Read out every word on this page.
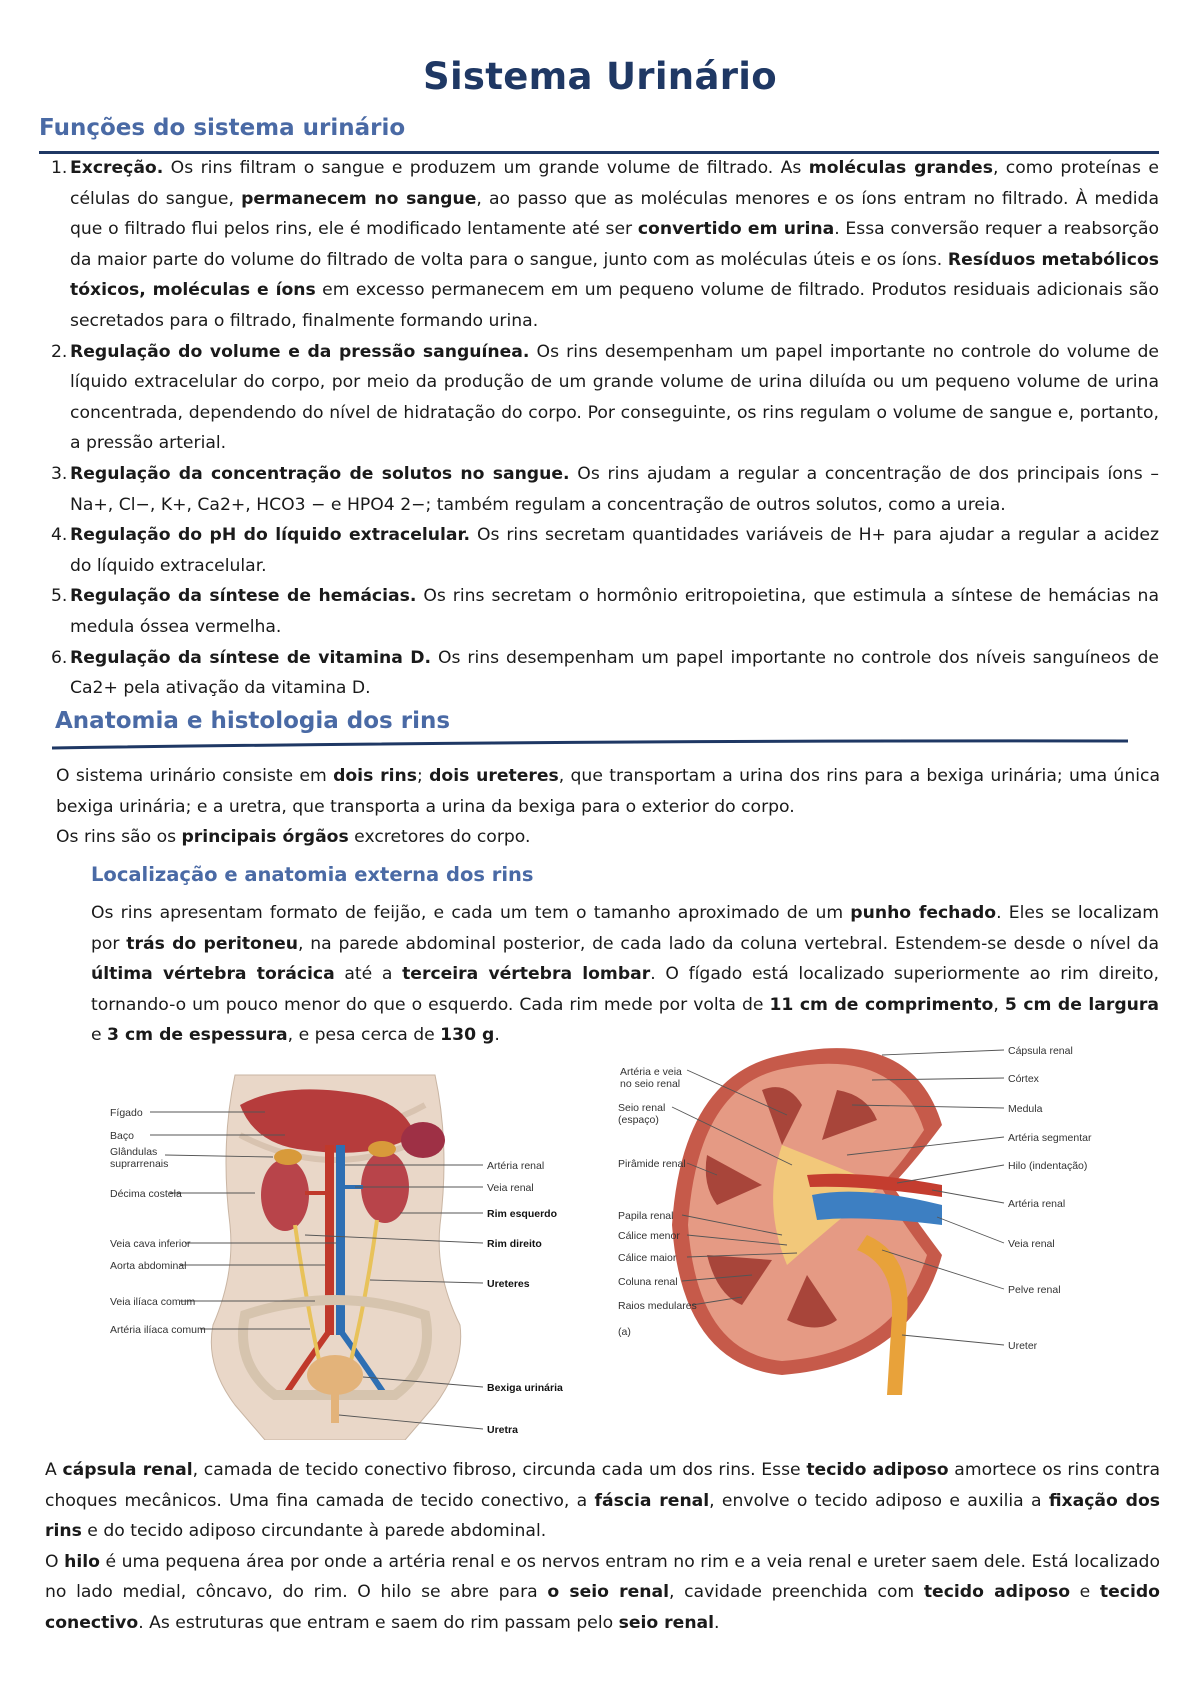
Sistema Urinário
Funções do sistema urinário
1. Excreção. Os rins filtram o sangue e produzem um grande volume de filtrado. As moléculas grandes, como proteínas e células do sangue, permanecem no sangue, ao passo que as moléculas menores e os íons entram no filtrado. À medida que o filtrado flui pelos rins, ele é modificado lentamente até ser convertido em urina. Essa conversão requer a reabsorção da maior parte do volume do filtrado de volta para o sangue, junto com as moléculas úteis e os íons. Resíduos metabólicos tóxicos, moléculas e íons em excesso permanecem em um pequeno volume de filtrado. Produtos residuais adicionais são secretados para o filtrado, finalmente formando urina.
2. Regulação do volume e da pressão sanguínea. Os rins desempenham um papel importante no controle do volume de líquido extracelular do corpo, por meio da produção de um grande volume de urina diluída ou um pequeno volume de urina concentrada, dependendo do nível de hidratação do corpo. Por conseguinte, os rins regulam o volume de sangue e, portanto, a pressão arterial.
3. Regulação da concentração de solutos no sangue. Os rins ajudam a regular a concentração de dos principais íons – Na+, Cl−, K+, Ca2+, HCO3 − e HPO4 2−; também regulam a concentração de outros solutos, como a ureia.
4. Regulação do pH do líquido extracelular. Os rins secretam quantidades variáveis de H+ para ajudar a regular a acidez do líquido extracelular.
5. Regulação da síntese de hemácias. Os rins secretam o hormônio eritropoietina, que estimula a síntese de hemácias na medula óssea vermelha.
6. Regulação da síntese de vitamina D. Os rins desempenham um papel importante no controle dos níveis sanguíneos de Ca2+ pela ativação da vitamina D.
Anatomia e histologia dos rins
O sistema urinário consiste em dois rins; dois ureteres, que transportam a urina dos rins para a bexiga urinária; uma única bexiga urinária; e a uretra, que transporta a urina da bexiga para o exterior do corpo.
Os rins são os principais órgãos excretores do corpo.
Localização e anatomia externa dos rins
Os rins apresentam formato de feijão, e cada um tem o tamanho aproximado de um punho fechado. Eles se localizam por trás do peritoneu, na parede abdominal posterior, de cada lado da coluna vertebral. Estendem-se desde o nível da última vértebra torácica até a terceira vértebra lombar. O fígado está localizado superiormente ao rim direito, tornando-o um pouco menor do que o esquerdo. Cada rim mede por volta de 11 cm de comprimento, 5 cm de largura e 3 cm de espessura, e pesa cerca de 130 g.
Fígado
Baço
Glândulas
suprarrenais
Décima costela
Veia cava inferior
Aorta abdominal
Veia ilíaca comum
Artéria ilíaca comum
Artéria renal
Veia renal
Rim esquerdo
Rim direito
Ureteres
Bexiga urinária
Uretra
Artéria e veia
no seio renal
Seio renal
(espaço)
Pirâmide renal
Papila renal
Cálice menor
Cálice maior
Coluna renal
Raios medulares
(a)
Cápsula renal
Córtex
Medula
Artéria segmentar
Hilo (indentação)
Artéria renal
Veia renal
Pelve renal
Ureter
A cápsula renal, camada de tecido conectivo fibroso, circunda cada um dos rins. Esse tecido adiposo amortece os rins contra choques mecânicos. Uma fina camada de tecido conectivo, a fáscia renal, envolve o tecido adiposo e auxilia a fixação dos rins e do tecido adiposo circundante à parede abdominal.
O hilo é uma pequena área por onde a artéria renal e os nervos entram no rim e a veia renal e ureter saem dele. Está localizado no lado medial, côncavo, do rim. O hilo se abre para o seio renal, cavidade preenchida com tecido adiposo e tecido conectivo. As estruturas que entram e saem do rim passam pelo seio renal.
